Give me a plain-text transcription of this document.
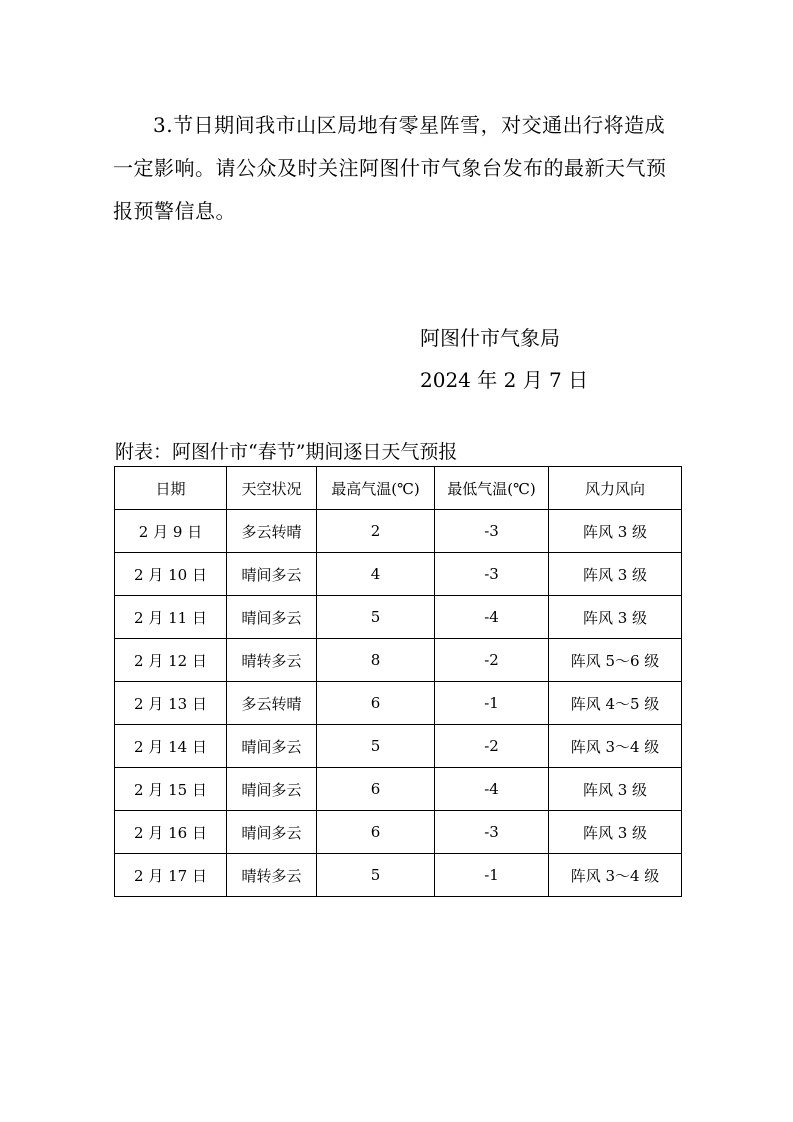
3.节日期间我市山区局地有零星阵雪，对交通出行将造成一定影响。请公众及时关注阿图什市气象台发布的最新天气预报预警信息。

阿图什市气象局

2024 年 2 月 7 日

附表：阿图什市“春节”期间逐日天气预报

日期	天空状况	最高气温(℃)	最低气温(℃)	风力风向
2 月 9 日	多云转晴	2	-3	阵风 3 级
2 月 10 日	晴间多云	4	-3	阵风 3 级
2 月 11 日	晴间多云	5	-4	阵风 3 级
2 月 12 日	晴转多云	8	-2	阵风 5～6 级
2 月 13 日	多云转晴	6	-1	阵风 4～5 级
2 月 14 日	晴间多云	5	-2	阵风 3～4 级
2 月 15 日	晴间多云	6	-4	阵风 3 级
2 月 16 日	晴间多云	6	-3	阵风 3 级
2 月 17 日	晴转多云	5	-1	阵风 3～4 级
